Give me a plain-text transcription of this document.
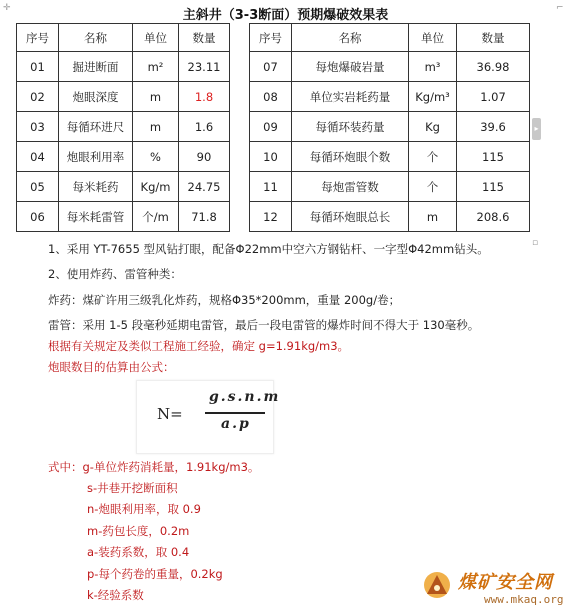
✛	⌐
主斜井（3-3断面）预期爆破效果表
序号	名称	单位	数量
01	掘进断面	m²	23.11
02	炮眼深度	m	1.8
03	每循环进尺	m	1.6
04	炮眼利用率	%	90
05	每米耗药	Kg/m	24.75
06	每米耗雷管	个/m	71.8
序号	名称	单位	数量
07	每炮爆破岩量	m³	36.98
08	单位实岩耗药量	Kg/m³	1.07
09	每循环装药量	Kg	39.6
10	每循环炮眼个数	个	115
11	每炮雷管数	个	115
12	每循环炮眼总长	m	208.6
▸
▫
1、采用 YT-7655 型风钻打眼，配备Φ22mm中空六方钢钻杆、一字型Φ42mm钻头。
2、使用炸药、雷管种类：
炸药：煤矿许用三级乳化炸药，规格Φ35*200mm，重量 200g/卷；
雷管：采用 1-5 段毫秒延期电雷管，最后一段电雷管的爆炸时间不得大于 130毫秒。
根据有关规定及类似工程施工经验，确定 g=1.91kg/m3。
炮眼数目的估算由公式：
N=
g.s.n.m
a.p
式中：g-单位炸药消耗量，1.91kg/m3。
s-井巷开挖断面积
n-炮眼利用率，取 0.9
m-药包长度，0.2m
a-装药系数，取 0.4
p-每个药卷的重量，0.2kg
k-经验系数
煤矿安全网
www.mkaq.org
